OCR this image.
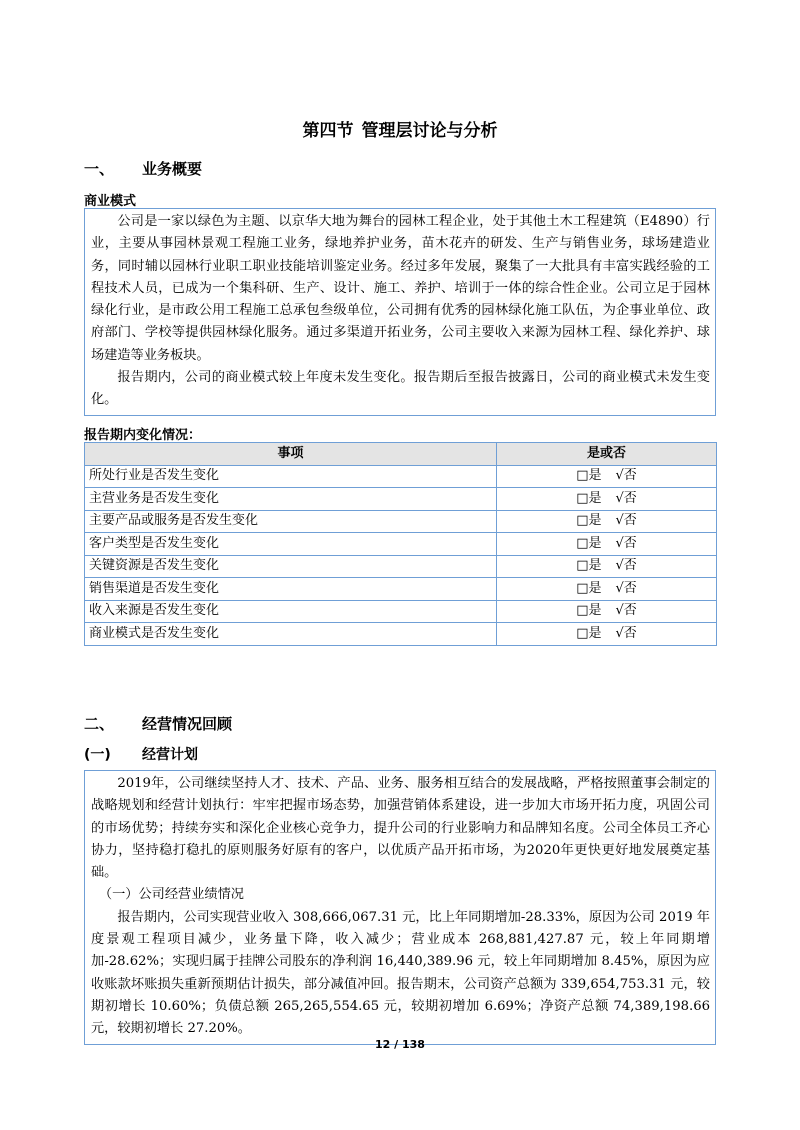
第四节 管理层讨论与分析
一、 业务概要
商业模式

公司是一家以绿色为主题、以京华大地为舞台的园林工程企业，处于其他土木工程建筑（E4890）行业，主要从事园林景观工程施工业务，绿地养护业务，苗木花卉的研发、生产与销售业务，球场建造业务，同时辅以园林行业职工职业技能培训鉴定业务。经过多年发展，聚集了一大批具有丰富实践经验的工程技术人员，已成为一个集科研、生产、设计、施工、养护、培训于一体的综合性企业。公司立足于园林绿化行业，是市政公用工程施工总承包叁级单位，公司拥有优秀的园林绿化施工队伍，为企事业单位、政府部门、学校等提供园林绿化服务。通过多渠道开拓业务，公司主要收入来源为园林工程、绿化养护、球场建造等业务板块。

报告期内，公司的商业模式较上年度未发生变化。报告期后至报告披露日，公司的商业模式未发生变化。

报告期内变化情况：
事项	是或否
所处行业是否发生变化	□是 √否
主营业务是否发生变化	□是 √否
主要产品或服务是否发生变化	□是 √否
客户类型是否发生变化	□是 √否
关键资源是否发生变化	□是 √否
销售渠道是否发生变化	□是 √否
收入来源是否发生变化	□是 √否
商业模式是否发生变化	□是 √否
二、 经营情况回顾
(一) 经营计划

2019年，公司继续坚持人才、技术、产品、业务、服务相互结合的发展战略，严格按照董事会制定的战略规划和经营计划执行：牢牢把握市场态势，加强营销体系建设，进一步加大市场开拓力度，巩固公司的市场优势；持续夯实和深化企业核心竞争力，提升公司的行业影响力和品牌知名度。公司全体员工齐心协力，坚持稳打稳扎的原则服务好原有的客户，以优质产品开拓市场，为2020年更快更好地发展奠定基础。

（一）公司经营业绩情况

报告期内，公司实现营业收入 308,666,067.31 元，比上年同期增加-28.33%，原因为公司 2019 年度景观工程项目减少，业务量下降，收入减少；营业成本 268,881,427.87 元，较上年同期增加-28.62%；实现归属于挂牌公司股东的净利润 16,440,389.96 元，较上年同期增加 8.45%，原因为应收账款坏账损失重新预期估计损失，部分减值冲回。报告期末，公司资产总额为 339,654,753.31 元，较期初增长 10.60%；负债总额 265,265,554.65 元，较期初增加 6.69%；净资产总额 74,389,198.66 元，较期初增长 27.20%。

12 / 138
